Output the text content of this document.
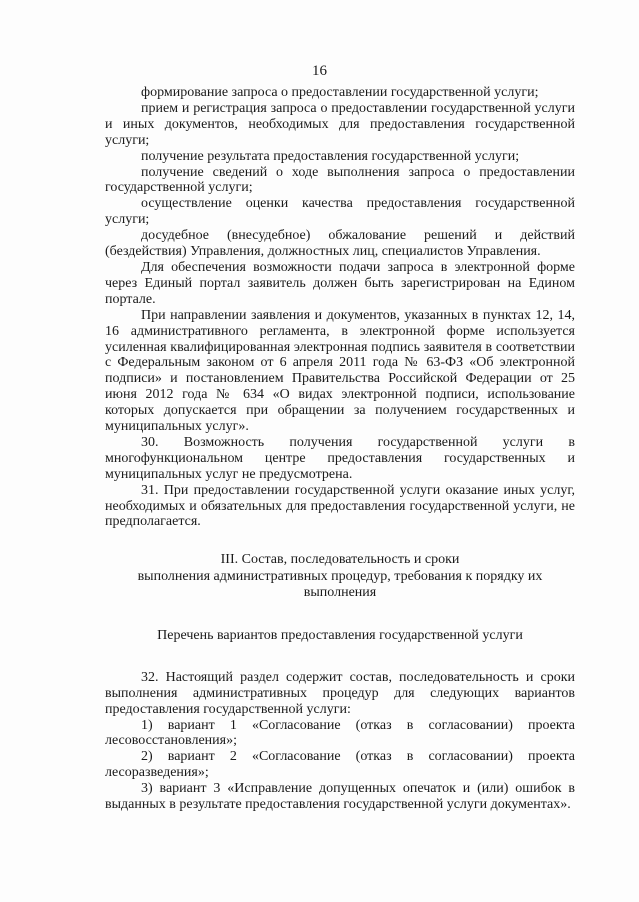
16

формирование запроса о предоставлении государственной услуги;

прием и регистрация запроса о предоставлении государственной услуги и иных документов, необходимых для предоставления государственной услуги;

получение результата предоставления государственной услуги;

получение сведений о ходе выполнения запроса о предоставлении государственной услуги;

осуществление оценки качества предоставления государственной услуги;

досудебное (внесудебное) обжалование решений и действий (бездействия) Управления, должностных лиц, специалистов Управления.

Для обеспечения возможности подачи запроса в электронной форме через Единый портал заявитель должен быть зарегистрирован на Едином портале.

При направлении заявления и документов, указанных в пунктах 12, 14, 16 административного регламента, в электронной форме используется усиленная квалифицированная электронная подпись заявителя в соответствии с Федеральным законом от 6 апреля 2011 года № 63-ФЗ «Об электронной подписи» и постановлением Правительства Российской Федерации от 25 июня 2012 года № 634 «О видах электронной подписи, использование которых допускается при обращении за получением государственных и муниципальных услуг».

30. Возможность получения государственной услуги в многофункциональном центре предоставления государственных и муниципальных услуг не предусмотрена.

31. При предоставлении государственной услуги оказание иных услуг, необходимых и обязательных для предоставления государственной услуги, не предполагается.

III. Состав, последовательность и сроки

выполнения административных процедур, требования к порядку их

выполнения

Перечень вариантов предоставления государственной услуги

32. Настоящий раздел содержит состав, последовательность и сроки выполнения административных процедур для следующих вариантов предоставления государственной услуги:

1) вариант 1 «Согласование (отказ в согласовании) проекта лесовосстановления»;

2) вариант 2 «Согласование (отказ в согласовании) проекта лесоразведения»;

3) вариант 3 «Исправление допущенных опечаток и (или) ошибок в выданных в результате предоставления государственной услуги документах».
